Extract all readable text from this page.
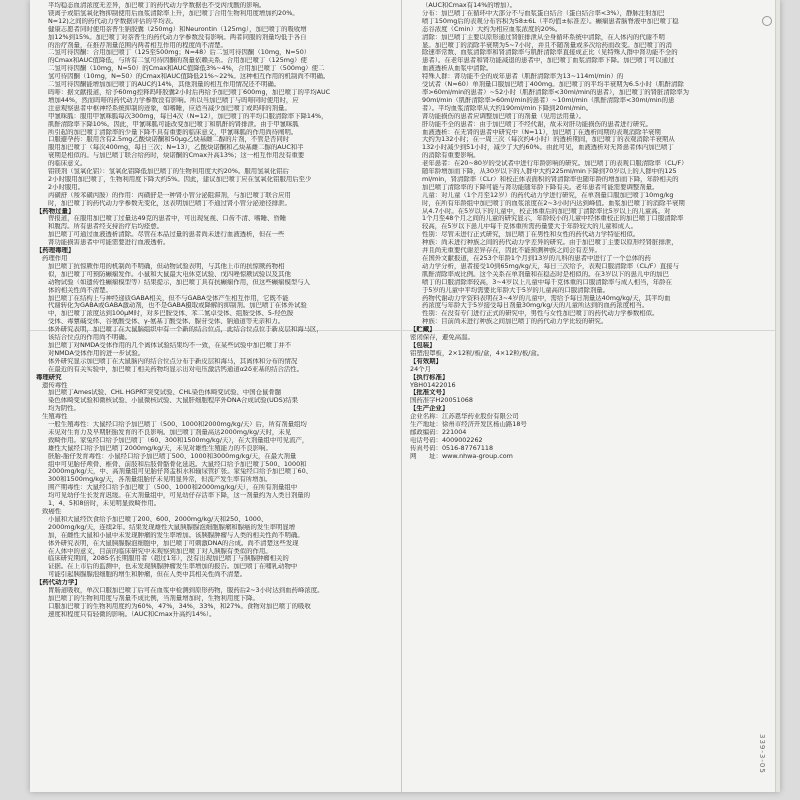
平均稳态血清浓度无差异，加巴喷丁的药代动力学数据也不受丙戊酸的影响。

镁离子或铝氢氧化物抑制使用后血浆清除率上升，加巴喷丁合用生物利用度增加约20%。

N=12)之间的药代动力学数据评估的平均表。

健康志愿者同时使用萘普生钠胶囊（250mg）和Neurontin（125mg），加巴喷丁的吸收增

加12%到15%。加巴喷丁对萘普生的药代动力学参数没有影响。两者同服的剂量均低于各自

的治疗剂量，在推荐剂量范围内两者相互作用的程度尚不清楚。

二氢可待因酮：合用加巴喷丁（125至500mg；N=48）后二氢可待因酮（10mg，N=50）

的Cmax和AUC值降低，与所有二氢可待因酮的剂量依赖关系。合用加巴喷丁（125mg）使

二氢可待因酮（10mg，N=50）的Cmax和AUC值降低3%~4%，合用加巴喷丁（500mg）使二

氢可待因酮（10mg，N=50）的Cmax和AUC值降低21%~22%。这种相互作用的机制尚不明确。

二氢可待因酮能增加加巴喷丁的AUC约14%，其他剂量的相互作用情况还不明确。

吗啡：据文献报道，给予60mg控释吗啡胶囊2小时后再给予加巴喷丁600mg，加巴喷丁的平均AUC

增加44%，然而吗啡的药代动力学参数没有影响。所以当加巴喷丁与吗啡同时使用时，应

注意观察患者中枢神经系统抑制的迹象，如嗜睡，应适当减少加巴喷丁或吗啡的剂量。

甲氰咪胍：服用甲氰咪胍每次300mg，每日4次（N=12），加巴喷丁的平均口服清除率下降14%，

肌酐清除率下降10%。因此，甲氰咪胍可能改变加巴喷丁和肌酐的肾排泄。由于甲氰咪胍

所引起的加巴喷丁清除率的少量下降不具有重要的临床意义，甲氰咪胍的作用尚待阐明。

口服避孕药：服用含有2.5mg乙酸炔诺酮和50μg乙炔基雌二醇的片剂，不管是否同时

服用加巴喷丁（每次400mg，每日三次；N=13），乙酸炔诺酮和乙炔基雌二醇的AUC和半

衰期是相似的。与加巴喷丁联合给药时，炔诺酮的Cmax升高13%；这一相互作用没有重要

的临床意义。

铝镁剂（氢氧化铝）：氢氧化铝降低加巴喷丁的生物利用度大约20%。服用氢氧化铝后

2小时服用加巴喷丁，生物利用度下降大约5%。因此，建议加巴喷丁应在氢氧化铝服用后至少

2小时服用。

丙磺舒（羧苯磺丙胺）的作用：丙磺舒是一种肾小管分泌阻滞剂，与加巴喷丁联合应用

时，加巴喷丁的药代动力学参数无变化，这表明加巴喷丁不通过肾小管分泌途径排泄。

【药物过量】

曾报道，在服用加巴喷丁过量达49克的患者中，可出现复视、口齿不清、嗜睡、昏睡

和腹泻。所有患者经支持治疗后均痊愈。

加巴喷丁可通过血液透析清除。尽管在本品过量的患者尚未进行血液透析，但在一些

肾功能损害患者中可能需要进行血液透析。

【药理毒理】

药理作用

加巴喷丁抗惊厥作用的机制尚不明确，但动物试验表明，与其他上市的抗惊厥药物相

似，加巴喷丁可预防癫痫发作。小鼠和大鼠最大电休克试验、戊四唑惊厥试验以及其他

动物试验（如遗传性癫痫模型等）结果提示，加巴喷丁具有抗癫痫作用，但这些癫痫模型与人

体的相关性尚不清楚。

加巴喷丁在结构上与神经递质GABA相关，但不与GABA受体产生相互作用，它既不能

代谢转化为GABA或GABA激动剂，也不是GABA摄取或降解的抑制剂。加巴喷丁在体外试验

中，加巴喷丁浓度达到100μM时，对多巴胺受体、苯二氮卓受体、组胺受体、5-羟色胺

受体、毒蕈碱受体、谷氨酸受体、γ-氨基丁酸受体、腺苷受体、钠通道等无亲和力。

体外研究表明，加巴喷丁在大鼠脑组织中有一个新的结合位点，此结合位点位于新皮层和海马区，

该结合位点的作用尚不明确。

加巴喷丁对NMDA受体作用的几个离体试验结果均不一致，在某些试验中加巴喷丁并不

对NMDA受体作用的进一步试验。

体外研究显示加巴喷丁在大鼠脑内的结合位点分布于新皮层和海马，其离体和分布的情况

在最近的有关实验中，加巴喷丁相关药物均显示出对电压激活钙通道α2δ亚基的结合活性。

毒理研究

遗传毒性

加巴喷丁Ames试验、CHL HGPRT突变试验、CHL染色体畸变试验、中国仓鼠骨髓

染色体畸变试验和微核试验、小鼠微核试验、大鼠肝细胞程序外DNA合成试验(UDS)结果

均为阴性。

生殖毒性

一般生殖毒性：大鼠经口给予加巴喷丁（500、1000和2000mg/kg/天）后，所有剂量组均

未见对生育力及早期胚胎发育的不良影响。加巴喷丁剂量高达2000mg/kg/天时，未见

致畸作用。家兔经口给予加巴喷丁（60、300和1500mg/kg/天），在大剂量组中可见流产，

雄性大鼠经口给予加巴喷丁2000mg/kg/天，未见对雄性生殖能力的不良影响。

胚胎-胎仔发育毒性：小鼠经口给予加巴喷丁500、1000和3000mg/kg/天，在最大剂量

组中可见胎仔颅骨、椎骨、前肢和后肢骨骼骨化延迟。大鼠经口给予加巴喷丁500、1000和

2000mg/kg/天，中、高剂量组可见胎仔肾盂积水和输尿管扩张。家兔经口给予加巴喷丁60、

300和1500mg/kg/天，各剂量组胎仔未见明显异常，但流产发生率有所增加。

围产期毒性：大鼠经口给予加巴喷丁（500、1000和2000mg/kg/天），在所有剂量组中

均可见幼仔生长发育迟缓。在大剂量组中，可见幼仔存活率下降，这一剂量约为人类日剂量的

1、4、5和8倍时，未见明显致畸作用。

致癌性

小鼠和大鼠经饮食给予加巴喷丁200、600、2000mg/kg/天和250、1000、

2000mg/kg/天，连续2年。结果发现雄性大鼠胰腺腺泡细胞腺瘤和腺癌的发生率明显增

加，在雌性大鼠和小鼠中未发现肿瘤的发生率增加。该胰腺肿瘤与人类的相关性尚不明确。

体外研究表明，在大鼠胰腺腺泡细胞中，加巴喷丁可刺激DNA的合成。尚不清楚这些发现

在人体中的意义，目前的临床研究中未观察到加巴喷丁对人胰腺有类似的作用。

临床研究期间，2085名长期服用者（超过1年），没有出现加巴喷丁与胰腺肿瘤相关的

证据。在上市后的监测中，也未发现胰腺肿瘤发生率增加的报告。加巴喷丁在哺乳动物中

可能引起胰腺腺泡细胞的增生和肿瘤，但在人类中其相关性尚不清楚。

【药代动力学】

胃肠道吸收，单次口服加巴喷丁后可在血浆中检测到原形药物，服药后2~3小时达到血药峰浓度。

加巴喷丁的生物利用度与剂量不成比例，当剂量增加时，生物利用度下降。

口服加巴喷丁的生物利用度约为60%，47%，34%，33%，和27%。食物对加巴喷丁的吸收

速度和程度只有轻微的影响。（AUC和Cmax升高约14%）。

（AUC和Cmax有14%的增加）。

分布：加巴喷丁在循环中大部分不与血浆蛋白结合（蛋白结合率<3%），静脉注射加巴

喷丁150mg后的表观分布容积为58±6L（平均值±标准差）。癫痫患者脑脊液中加巴喷丁稳

态谷浓度（Cmin）大约为相应血浆浓度的20%。

清除：加巴喷丁主要以原形通过肾脏排泄从全身循环系统中清除，在人体内的代谢不明

显。加巴喷丁的消除半衰期为5~7小时，并且不随剂量或多次给药而改变。加巴喷丁的消

除速率常数、血浆清除率和肾清除率与肌酐清除率直接成正比（见特殊人群中肾功能不全的

患者）。在老年患者和肾功能减退的患者中，加巴喷丁血浆清除率下降。加巴喷丁可以通过

血液透析从血浆中清除。

特殊人群：肾功能不全的成年患者（肌酐清除率为13~114ml/min）的

受试者（N=60）单剂量口服加巴喷丁400mg。加巴喷丁的平均半衰期为6.5小时（肌酐清除

率>60ml/min的患者）~52小时（肌酐清除率<30ml/min的患者），加巴喷丁的肾脏清除率为

90ml/min（肌酐清除率>60ml/min的患者）~10ml/min（肌酐清除率<30ml/min的患

者）。平均血浆清除率从大约190ml/min下降到20ml/min。

肾功能损伤的患者应调整加巴喷丁的剂量（见用法用量）。

肝功能不全的患者：由于加巴喷丁不经代谢，故未对肝功能损伤的患者进行研究。

血液透析：在无肾的患者中研究中（N=11），加巴喷丁在透析间期的表观消除半衰期

大约为132小时；在一周三次（每次约4小时）的透析期间，加巴喷丁的表观消除半衰期从

132小时减少到51小时，减少了大约60%。由此可见，血液透析对无肾患者体内加巴喷丁

的消除有重要影响。

老年患者：在20~80岁的受试者中进行年龄影响的研究。加巴喷丁的表观口服清除率（CL/F）

随年龄增加而下降，从30岁以下的人群中大约225ml/min下降到70岁以上的人群中的125

ml/min，肾清除率（CLr）和校正体表面积的肾清除率也随年龄的增加而下降，年龄相关的

加巴喷丁清除率的下降可能与肾功能随年龄下降有关。老年患者可能需要调整剂量。

儿童：对儿童（1个月至12岁）的药代动力学进行研究，在单剂量口服加巴喷丁10mg/kg

时，在所有年龄组中加巴喷丁的血浆浓度在2~3小时内达到峰值。血浆加巴喷丁的消除半衰期

从4.7小时。在5岁以下的儿童中，校正体重后的加巴喷丁清除率比5岁以上的儿童高。对

1个月至48个月之间的儿童的研究显示，年龄较小的儿童中经体重校正的加巴喷丁口服清除率

较高，在5岁以下患儿中每千克体重所需药量要大于年龄较大的儿童和成人。

性别：尽管未进行正式研究，加巴喷丁在男性和女性的药代动力学特征相似。

种族：尚未进行种族之间的药代动力学差异的研究。由于加巴喷丁主要以原形经肾脏排泄，

并且尚无重要代谢差异存在，因此不能预测种族之间会有差异。

在国外文献报道，在253个年龄1个月到13岁的儿科的患者中进行了一个总体的药

动力学分析，患者接受10到65mg/kg/天，每日三次给予，表观口服清除率（CL/F）直接与

肌酐清除率成比例。这个关系在单剂量和在稳态时是相似的。在3岁以下的患儿中的加巴

喷丁的口服清除率较高，3~4岁以上儿童中每千克体重的口服清除率与成人相当，年龄在

于5岁的儿童中平均需要比年龄大于5岁的儿童高的口服清除剂量。

药物代谢动力学资料表明在3~4岁的儿童中，需给予每日剂量达40mg/kg/天，其平均血

药浓度与年龄大于5岁接受每日剂量30mg/kg/天的儿童所达到的血药浓度相当。

性别：在没有专门进行正式的研究中，男性与女性加巴喷丁的药代动力学参数相似。

种族：目前尚未进行种族之间加巴喷丁的药代动力学比较的研究。

【贮藏】

密闭保存，避免高温。

【包装】

铝塑泡罩板，2×12粒/板/盒，4×12粒/板/盒。

【有效期】

24个月

【执行标准】

YBH01422016

【批准文号】

国药准字H20051068

【生产企业】

企业名称：江苏恩华药业股份有限公司

生产地址：徐州市经济开发区杨山路18号

邮政编码：221004

电话号码：4009002262

传真号码：0516-87767118

网　　址：www.nhwa-group.com

339-3-05
